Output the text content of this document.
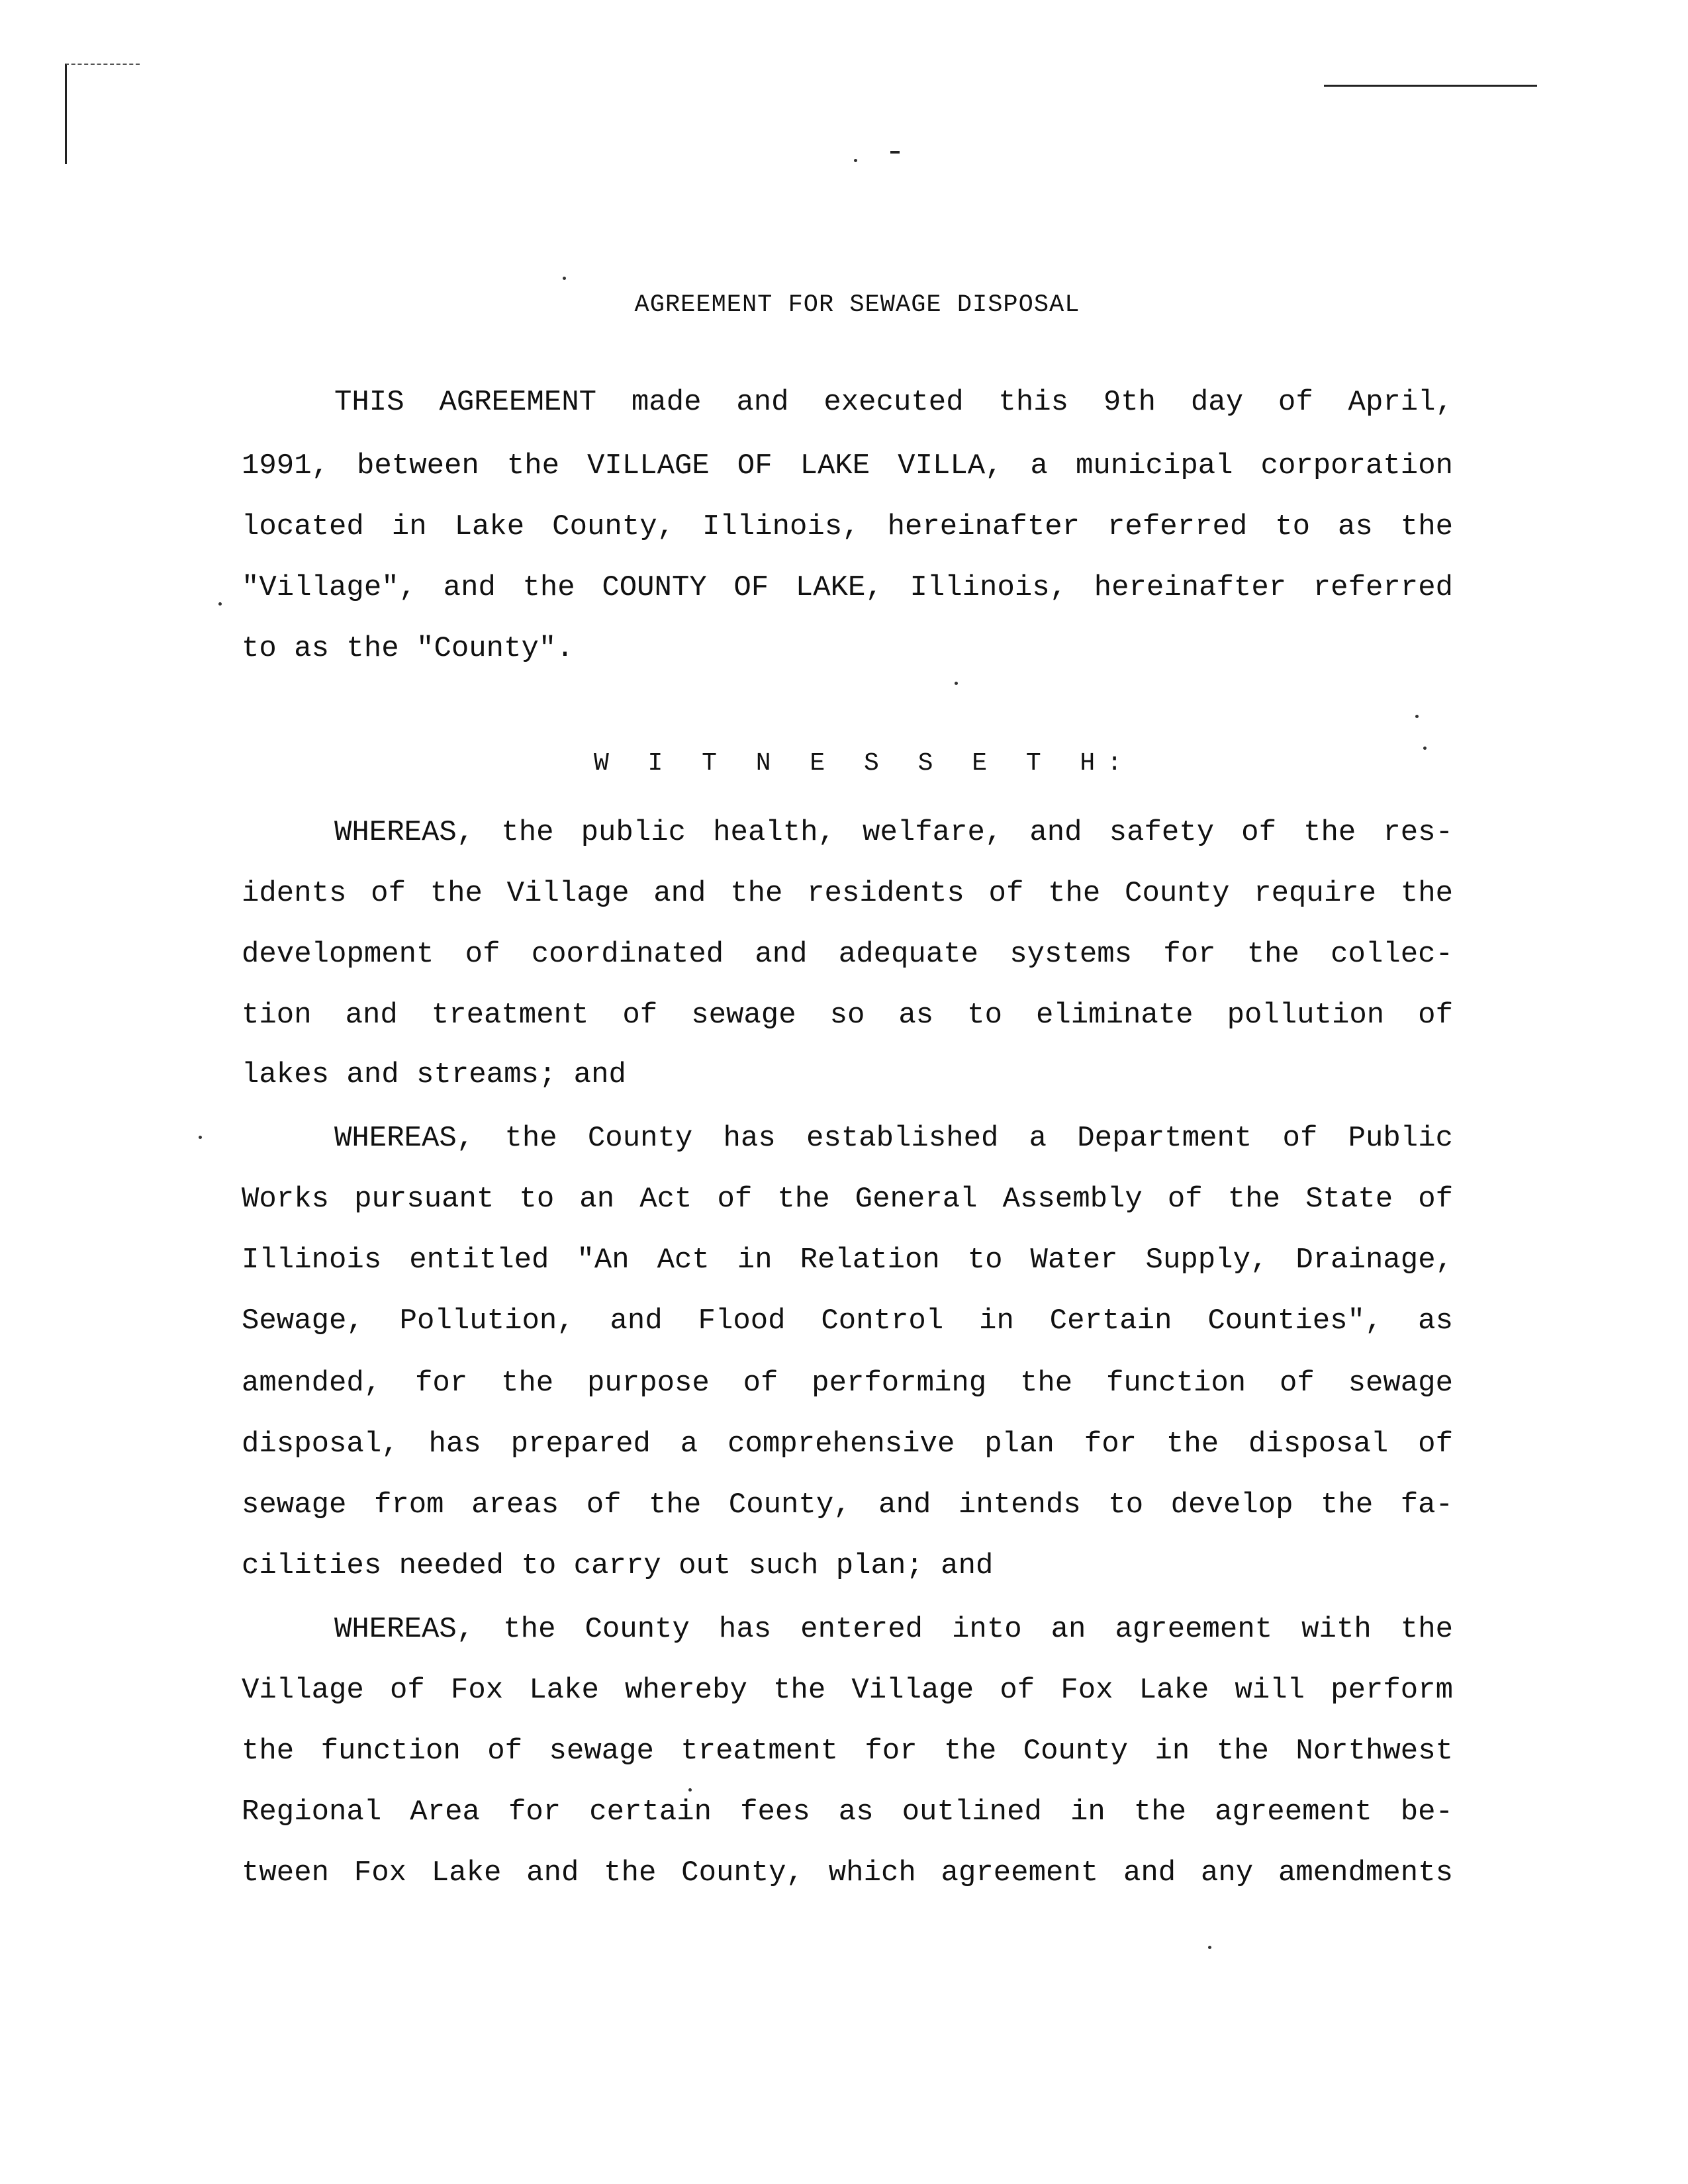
AGREEMENT FOR SEWAGE DISPOSAL
THIS AGREEMENT made and executed this 9th day of April,
1991, between the VILLAGE OF LAKE VILLA, a municipal corporation
located in Lake County, Illinois, hereinafter referred to as the
"Village", and the COUNTY OF LAKE, Illinois, hereinafter referred
to as the "County".
W I T N E S S E T H:
WHEREAS, the public health, welfare, and safety of the res-
idents of the Village and the residents of the County require the
development of coordinated and adequate systems for the collec-
tion and treatment of sewage so as to eliminate pollution of
lakes and streams; and
WHEREAS, the County has established a Department of Public
Works pursuant to an Act of the General Assembly of the State of
Illinois entitled "An Act in Relation to Water Supply, Drainage,
Sewage, Pollution, and Flood Control in Certain Counties", as
amended, for the purpose of performing the function of sewage
disposal, has prepared a comprehensive plan for the disposal of
sewage from areas of the County, and intends to develop the fa-
cilities needed to carry out such plan; and
WHEREAS, the County has entered into an agreement with the
Village of Fox Lake whereby the Village of Fox Lake will perform
the function of sewage treatment for the County in the Northwest
Regional Area for certain fees as outlined in the agreement be-
tween Fox Lake and the County, which agreement and any amendments
